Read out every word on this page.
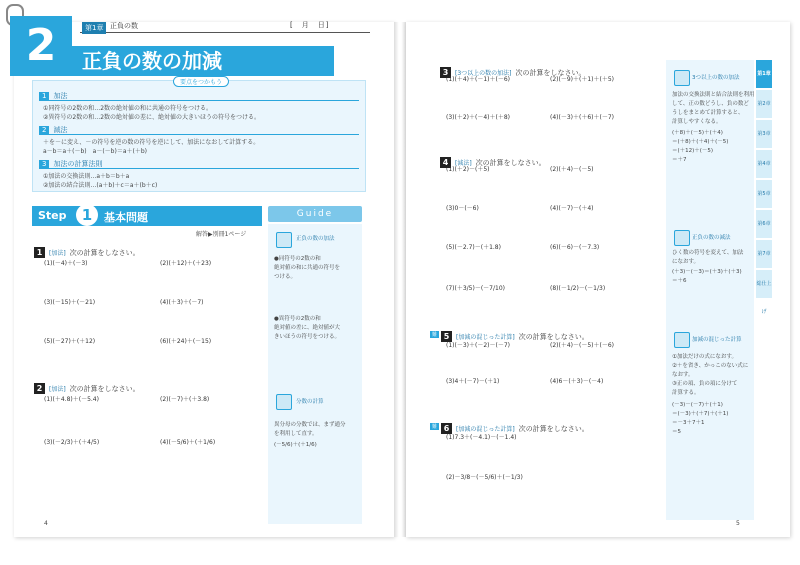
2	第1章 正負の数	[　月　日]
正負の数の加減
要点をつかもう
1 加法
①同符号の2数の和…2数の絶対値の和に共通の符号をつける。
②異符号の2数の和…2数の絶対値の差に、絶対値の大きいほうの符号をつける。
2 減法
＋を－に変え、－の符号を逆の数の符号を逆にして、加法になおして計算する。
a－b＝a＋(－b)　a－(－b)＝a＋(＋b)
3 加法の計算法則
①加法の交換法則…a＋b＝b＋a
②加法の結合法則…(a＋b)＋c＝a＋(b＋c)
Step	1	基本問題	Guide
解答▶別冊1ページ
1 [加法] 次の計算をしなさい。
(1)(－4)＋(－3)	(2)(＋12)＋(＋23)
(3)(－15)＋(－21)	(4)(＋3)＋(－7)
(5)(－27)＋(＋12)	(6)(＋24)＋(－15)
2 [加法] 次の計算をしなさい。
(1)(＋4.8)＋(－5.4)	(2)(－7)＋(＋3.8)
(3)(－2/3)＋(＋4/5)	(4)(－5/6)＋(＋1/6)
正負の数の加法
●同符号の2数の和
絶対値の和に共通の符号を
つける。
●異符号の2数の和
絶対値の差に、絶対値が大
きいほうの符号をつける。
分数の計算
異分母の分数では、まず通分
を利用して直す。
(－5/6)＋(＋1/6)
4
3 [3つ以上の数の加法] 次の計算をしなさい。
(1)(＋4)＋(－1)＋(－6)	(2)(－9)＋(＋1)＋(＋5)
(3)(＋2)＋(－4)＋(＋8)	(4)(－3)＋(＋6)＋(－7)
4 [減法] 次の計算をしなさい。
(1)(＋2)－(＋5)	(2)(＋4)－(－5)
(3)0－(－6)	(4)(－7)－(＋4)
(5)(－2.7)－(＋1.8)	(6)(－6)－(－7.3)
(7)(＋3/5)－(－7/10)	(8)(－1/2)－(－1/3)
難 5 [加減の混じった計算] 次の計算をしなさい。
(1)(－3)＋(－2)－(－7)	(2)(＋4)－(－5)＋(－6)
(3)4＋(－7)－(＋1)	(4)6－(＋3)－(－4)
難 6 [加減の混じった計算] 次の計算をしなさい。
(1)7.3＋(－4.1)－(－1.4)
(2)－3/8－(－5/6)＋(－1/3)
3つ以上の数の加法
加法の交換法則と結合法則を利用
して、正の数どうし、負の数ど
うしをまとめて計算すると、
計算しやすくなる。
(＋8)＋(－5)＋(＋4)
＝(＋8)＋(＋4)＋(－5)
＝(＋12)＋(－5)
＝＋7
正負の数の減法
ひく数の符号を変えて、加法
になおす。
(＋3)－(－3)＝(＋3)＋(＋3)
＝＋6
加減の混じった計算
①加法だけの式になおす。
②＋を省き、かっこのない式に
なおす。
③正の項、負の項に分けて
計算する。
(－3)－(－7)＋(＋1)
＝(－3)＋(＋7)＋(＋1)
＝－3＋7＋1
＝5
第1章
第2章
第3章
第4章
第5章
第6章
第7章
総仕上げ
5
